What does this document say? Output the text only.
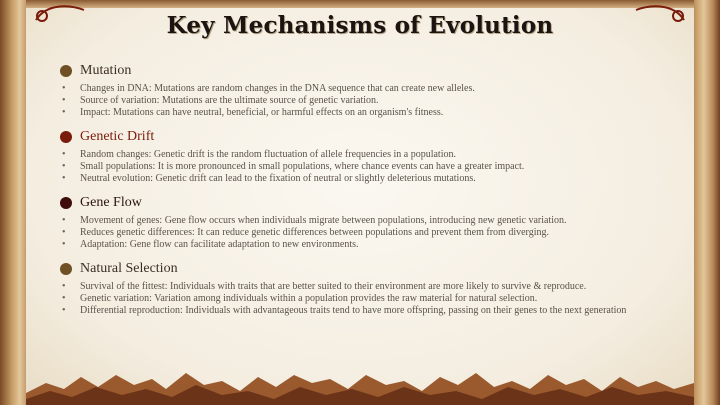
Key Mechanisms of Evolution
Mutation
• Changes in DNA: Mutations are random changes in the DNA sequence that can create new alleles.
• Source of variation: Mutations are the ultimate source of genetic variation.
• Impact: Mutations can have neutral, beneficial, or harmful effects on an organism's fitness.
Genetic Drift
• Random changes: Genetic drift is the random fluctuation of allele frequencies in a population.
• Small populations: It is more pronounced in small populations, where chance events can have a greater impact.
• Neutral evolution: Genetic drift can lead to the fixation of neutral or slightly deleterious mutations.
Gene Flow
• Movement of genes: Gene flow occurs when individuals migrate between populations, introducing new genetic variation.
• Reduces genetic differences: It can reduce genetic differences between populations and prevent them from diverging.
• Adaptation: Gene flow can facilitate adaptation to new environments.
Natural Selection
• Survival of the fittest: Individuals with traits that are better suited to their environment are more likely to survive & reproduce.
• Genetic variation: Variation among individuals within a population provides the raw material for natural selection.
• Differential reproduction: Individuals with advantageous traits tend to have more offspring, passing on their genes to the next generation
